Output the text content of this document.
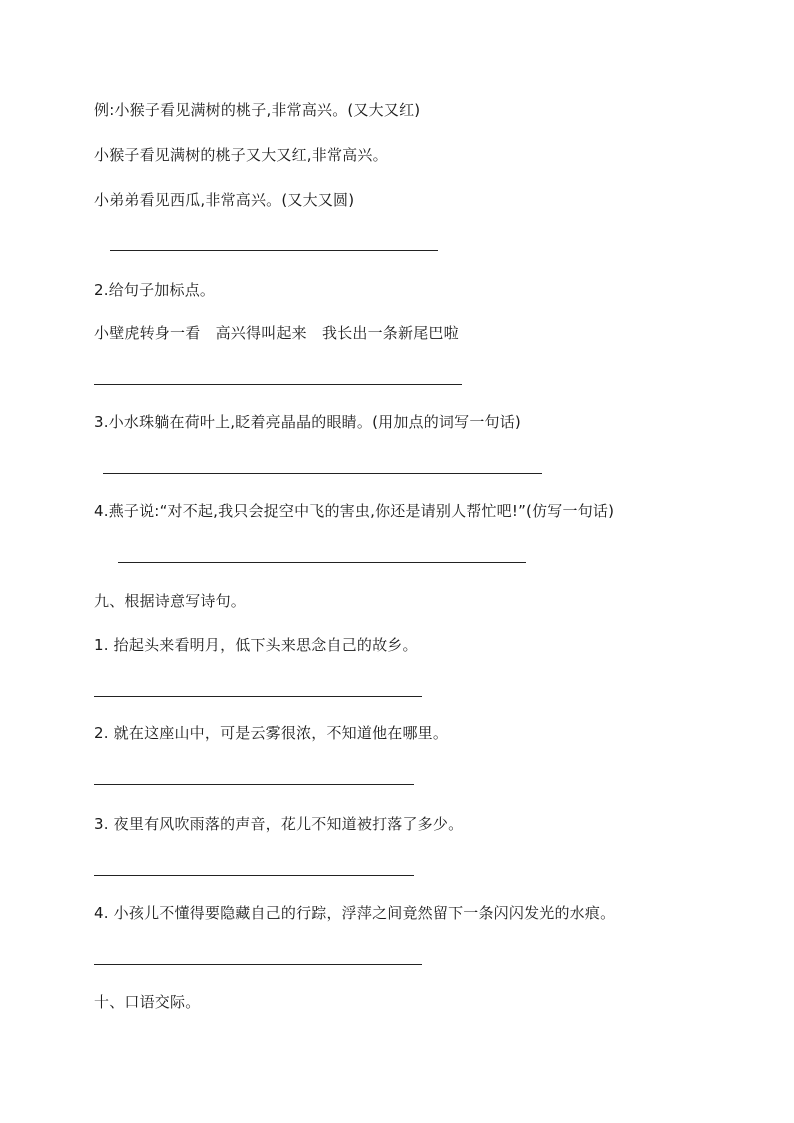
例:小猴子看见满树的桃子,非常高兴。(又大又红)
小猴子看见满树的桃子又大又红,非常高兴。
小弟弟看见西瓜,非常高兴。(又大又圆)
2.给句子加标点。
小壁虎转身一看　高兴得叫起来　我长出一条新尾巴啦
3.小水珠躺在荷叶上,眨着亮晶晶的眼睛。(用加点的词写一句话)
4.燕子说:“对不起,我只会捉空中飞的害虫,你还是请别人帮忙吧!”(仿写一句话)
九、根据诗意写诗句。
1. 抬起头来看明月，低下头来思念自己的故乡。
2. 就在这座山中，可是云雾很浓，不知道他在哪里。
3. 夜里有风吹雨落的声音，花儿不知道被打落了多少。
4. 小孩儿不懂得要隐藏自己的行踪，浮萍之间竟然留下一条闪闪发光的水痕。
十、口语交际。
